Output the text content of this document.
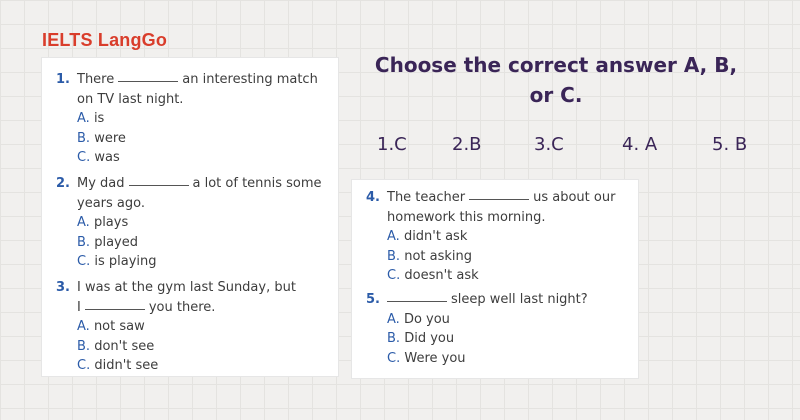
IELTS LangGo
1. There	an interesting match
on TV last night.
A.
is
B.
were
C.
was
2. My dad	a lot of tennis some
years ago.
A.
plays
B.
played
C.
is playing
3. I was at the gym last Sunday, but
I	you there.
A.
not saw
B.
don't see
C.
didn't see
Choose the correct answer A, B, or C.
1.C	2.B	3.C	4. A	5. B
4. The teacher	us about our
homework this morning.
A.
didn't ask
B.
not asking
C.
doesn't ask
5.	sleep well last night?
A.
Do you
B.
Did you
C.
Were you
